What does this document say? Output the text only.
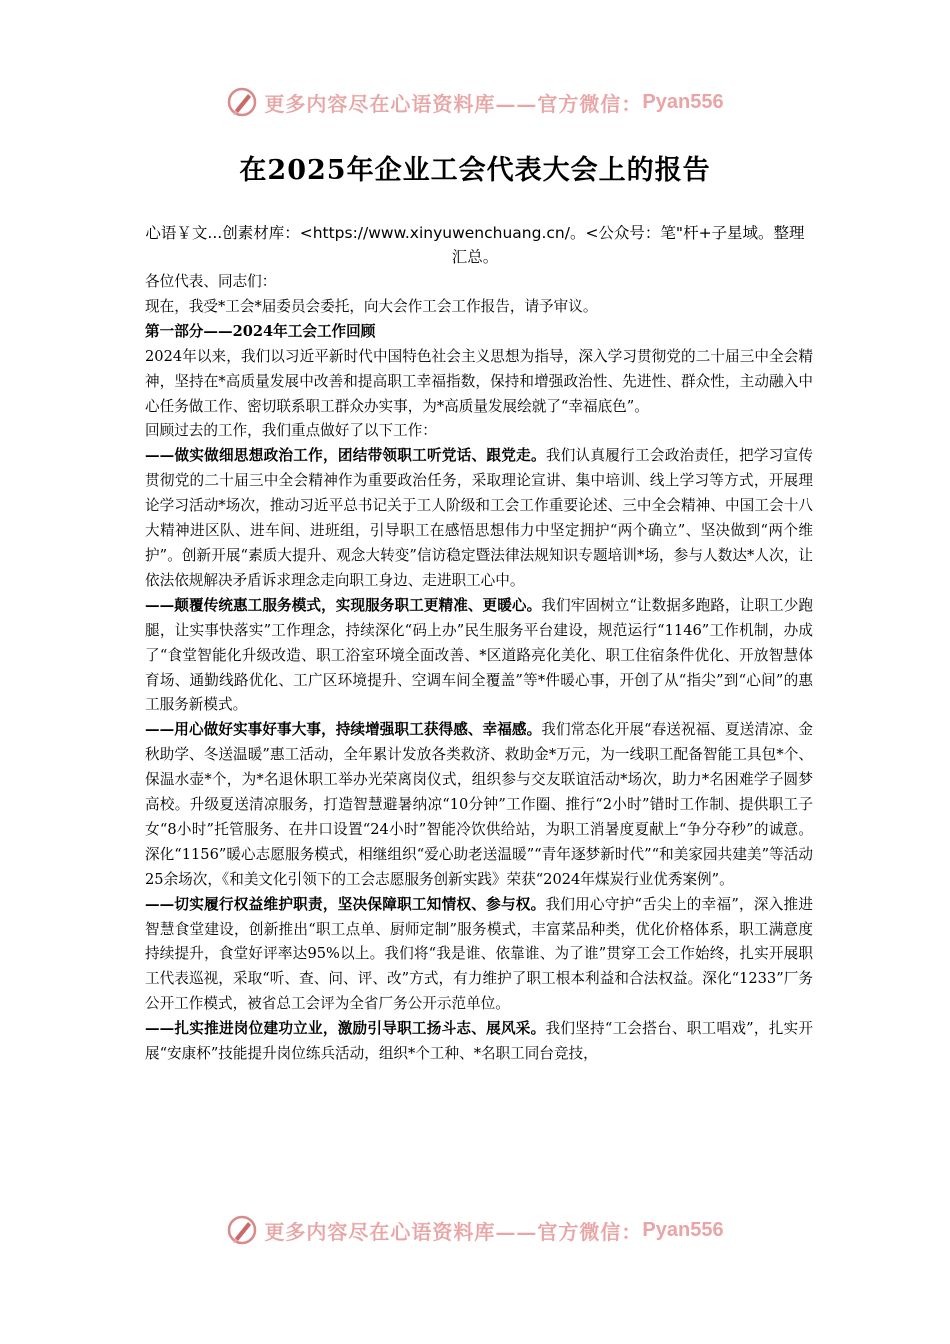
更多内容尽在心语资料库——官方微信： Pyan556
在2025年企业工会代表大会上的报告
心语￥文...创素材库：<https://www.xinyuwenchuang.cn/。<公众号：笔"杆+子星域。整理汇总。

各位代表、同志们：

现在，我受*工会*届委员会委托，向大会作工会工作报告，请予审议。

第一部分——2024年工会工作回顾

2024年以来，我们以习近平新时代中国特色社会主义思想为指导，深入学习贯彻党的二十届三中全会精神，坚持在*高质量发展中改善和提高职工幸福指数，保持和增强政治性、先进性、群众性，主动融入中心任务做工作、密切联系职工群众办实事，为*高质量发展绘就了“幸福底色”。

回顾过去的工作，我们重点做好了以下工作：

——做实做细思想政治工作，团结带领职工听党话、跟党走。我们认真履行工会政治责任，把学习宣传贯彻党的二十届三中全会精神作为重要政治任务，采取理论宣讲、集中培训、线上学习等方式，开展理论学习活动*场次，推动习近平总书记关于工人阶级和工会工作重要论述、三中全会精神、中国工会十八大精神进区队、进车间、进班组，引导职工在感悟思想伟力中坚定拥护“两个确立”、坚决做到“两个维护”。创新开展“素质大提升、观念大转变”信访稳定暨法律法规知识专题培训*场，参与人数达*人次，让依法依规解决矛盾诉求理念走向职工身边、走进职工心中。

——颠覆传统惠工服务模式，实现服务职工更精准、更暖心。我们牢固树立“让数据多跑路，让职工少跑腿，让实事快落实”工作理念，持续深化“码上办”民生服务平台建设，规范运行“1146”工作机制，办成了“食堂智能化升级改造、职工浴室环境全面改善、*区道路亮化美化、职工住宿条件优化、开放智慧体育场、通勤线路优化、工广区环境提升、空调车间全覆盖”等*件暖心事，开创了从“指尖”到“心间”的惠工服务新模式。

——用心做好实事好事大事，持续增强职工获得感、幸福感。我们常态化开展“春送祝福、夏送清凉、金秋助学、冬送温暖”惠工活动，全年累计发放各类救济、救助金*万元，为一线职工配备智能工具包*个、保温水壶*个，为*名退休职工举办光荣离岗仪式，组织参与交友联谊活动*场次，助力*名困难学子圆梦高校。升级夏送清凉服务，打造智慧避暑纳凉“10分钟”工作圈、推行“2小时”错时工作制、提供职工子女“8小时”托管服务、在井口设置“24小时”智能冷饮供给站，为职工消暑度夏献上“争分夺秒”的诚意。深化“1156”暖心志愿服务模式，相继组织“爱心助老送温暖”“青年逐梦新时代”“和美家园共建美”等活动25余场次，《和美文化引领下的工会志愿服务创新实践》荣获“2024年煤炭行业优秀案例”。

——切实履行权益维护职责，坚决保障职工知情权、参与权。我们用心守护“舌尖上的幸福”，深入推进智慧食堂建设，创新推出“职工点单、厨师定制”服务模式，丰富菜品种类，优化价格体系，职工满意度持续提升，食堂好评率达95%以上。我们将“我是谁、依靠谁、为了谁”贯穿工会工作始终，扎实开展职工代表巡视，采取“听、查、问、评、改”方式，有力维护了职工根本利益和合法权益。深化“1233”厂务公开工作模式，被省总工会评为全省厂务公开示范单位。

——扎实推进岗位建功立业，激励引导职工扬斗志、展风采。我们坚持“工会搭台、职工唱戏”，扎实开展“安康杯”技能提升岗位练兵活动，组织*个工种、*名职工同台竞技，

更多内容尽在心语资料库——官方微信： Pyan556
